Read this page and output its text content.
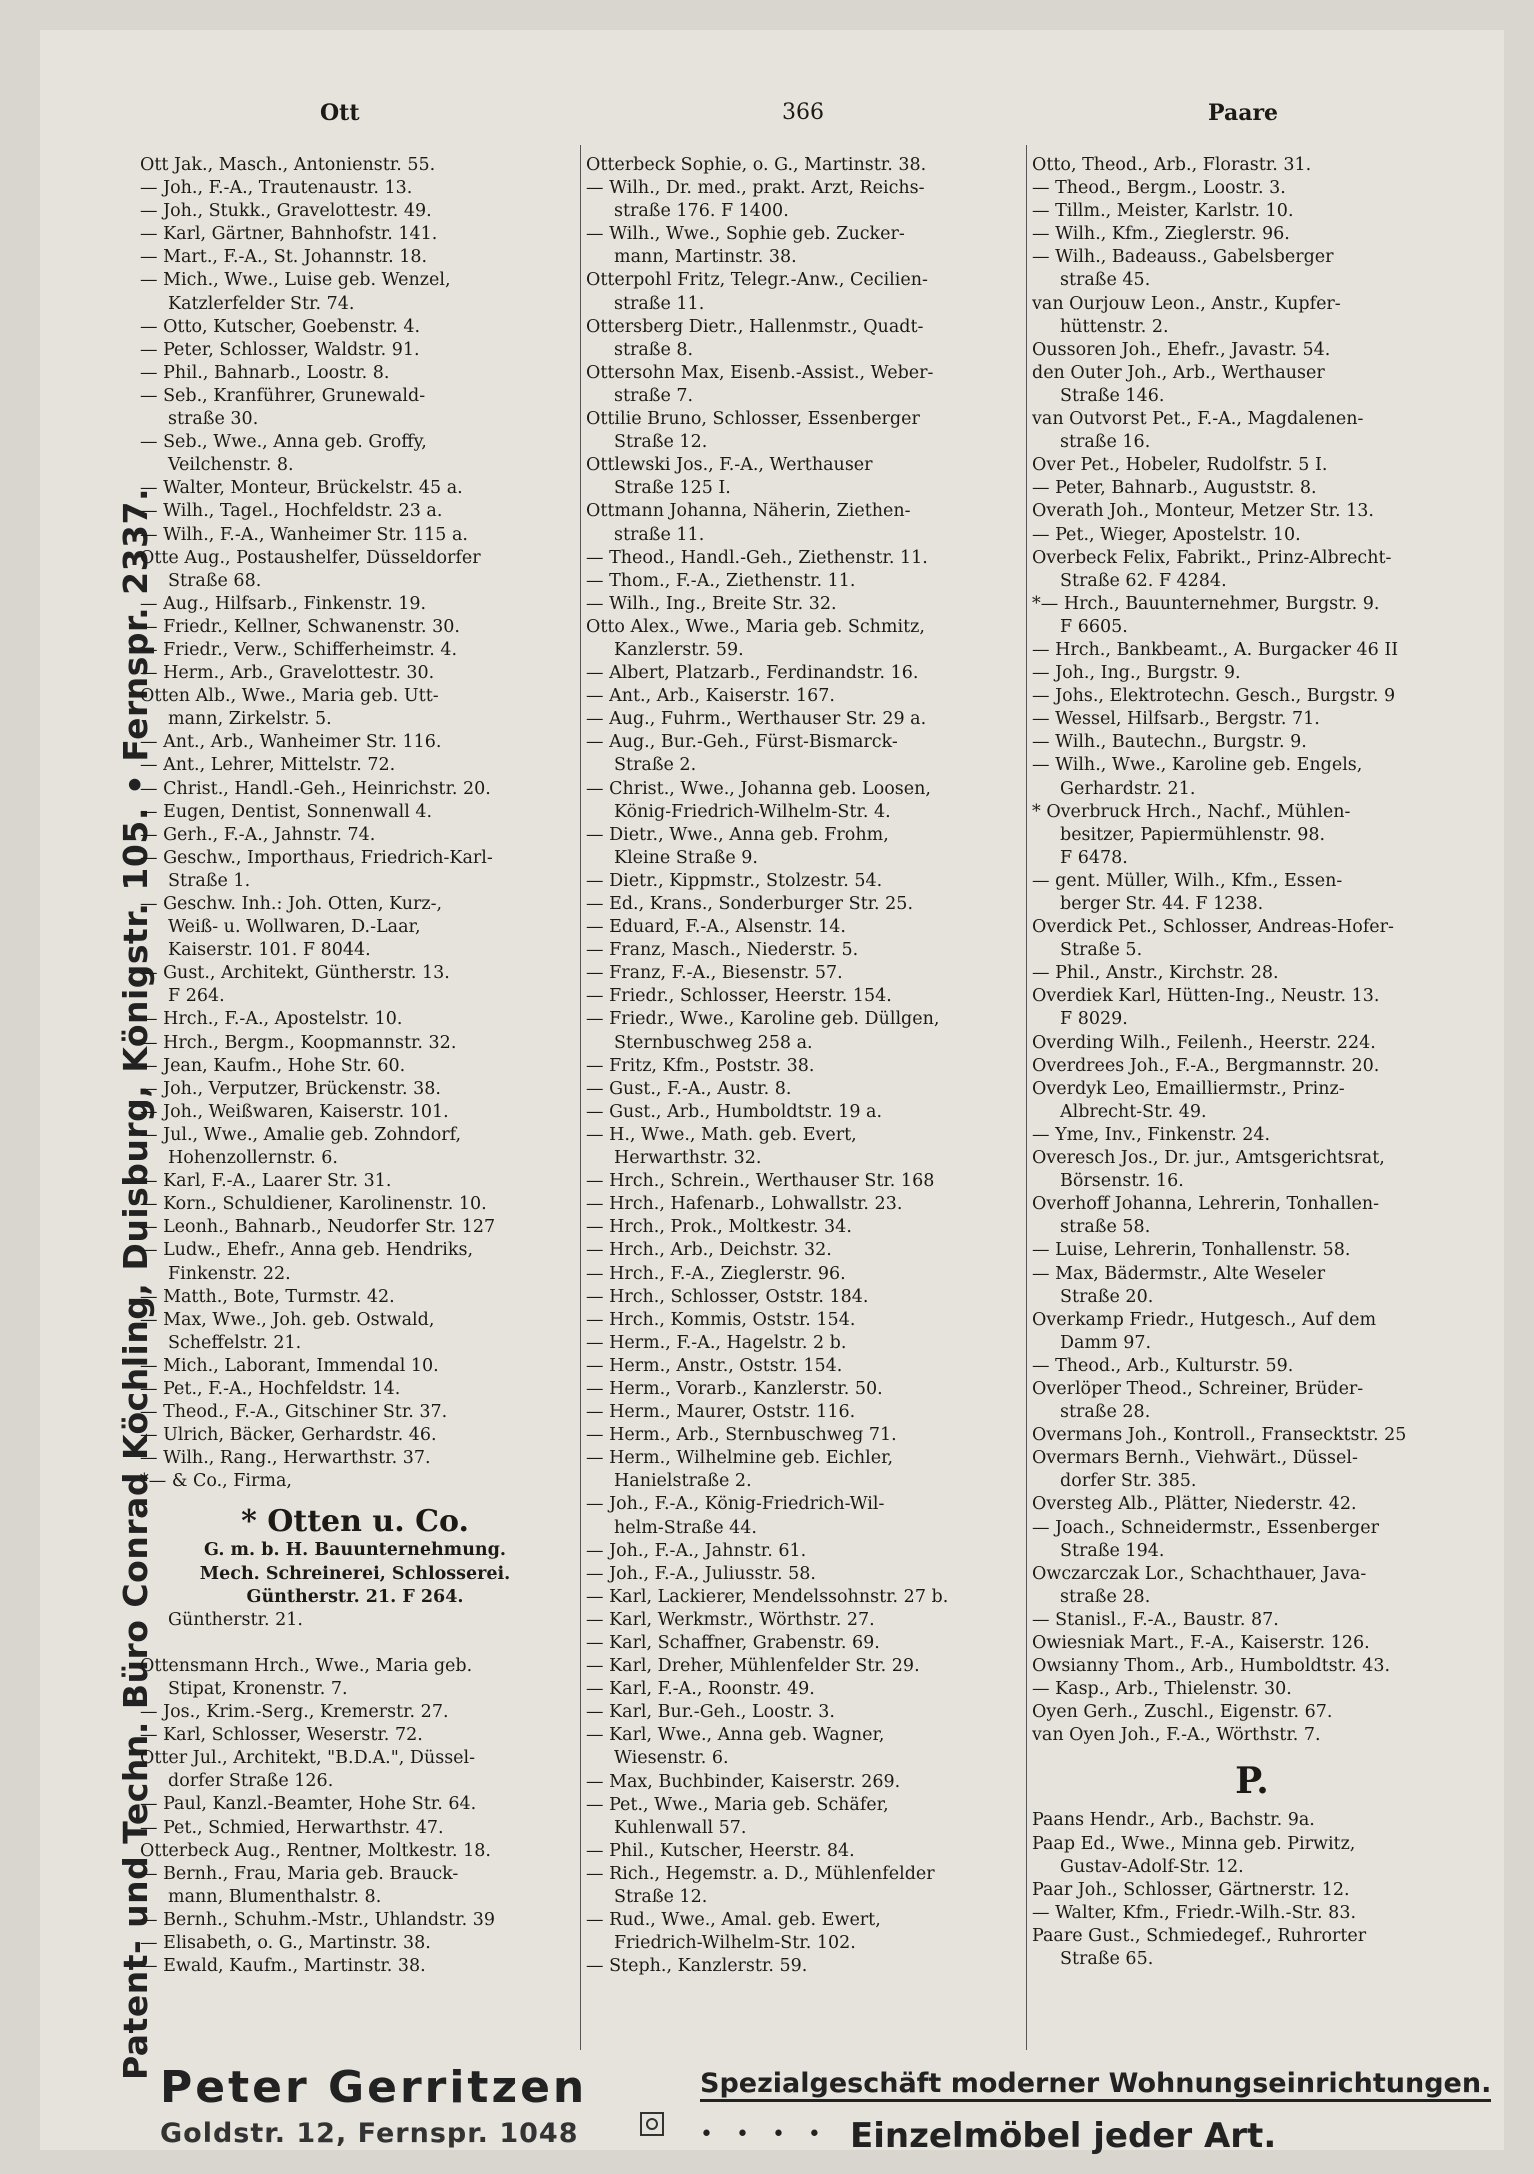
Patent- und Techn. Büro Conrad Köchling, Duisburg, Königstr. 105. • Fernspr. 2337.
Ott	366	Paare
Ott Jak., Masch., Antonienstr. 55.
— Joh., F.-A., Trautenaustr. 13.
— Joh., Stukk., Gravelottestr. 49.
— Karl, Gärtner, Bahnhofstr. 141.
— Mart., F.-A., St. Johannstr. 18.
— Mich., Wwe., Luise geb. Wenzel,
Katzlerfelder Str. 74.
— Otto, Kutscher, Goebenstr. 4.
— Peter, Schlosser, Waldstr. 91.
— Phil., Bahnarb., Loostr. 8.
— Seb., Kranführer, Grunewald-
straße 30.
— Seb., Wwe., Anna geb. Groffy,
Veilchenstr. 8.
— Walter, Monteur, Brückelstr. 45 a.
— Wilh., Tagel., Hochfeldstr. 23 a.
— Wilh., F.-A., Wanheimer Str. 115 a.
Otte Aug., Postaushelfer, Düsseldorfer
Straße 68.
— Aug., Hilfsarb., Finkenstr. 19.
— Friedr., Kellner, Schwanenstr. 30.
— Friedr., Verw., Schifferheimstr. 4.
— Herm., Arb., Gravelottestr. 30.
Otten Alb., Wwe., Maria geb. Utt-
mann, Zirkelstr. 5.
— Ant., Arb., Wanheimer Str. 116.
— Ant., Lehrer, Mittelstr. 72.
— Christ., Handl.-Geh., Heinrichstr. 20.
— Eugen, Dentist, Sonnenwall 4.
— Gerh., F.-A., Jahnstr. 74.
— Geschw., Importhaus, Friedrich-Karl-
Straße 1.
— Geschw. Inh.: Joh. Otten, Kurz-,
Weiß- u. Wollwaren, D.-Laar,
Kaiserstr. 101. F 8044.
— Gust., Architekt, Güntherstr. 13.
F 264.
— Hrch., F.-A., Apostelstr. 10.
— Hrch., Bergm., Koopmannstr. 32.
— Jean, Kaufm., Hohe Str. 60.
— Joh., Verputzer, Brückenstr. 38.
— Joh., Weißwaren, Kaiserstr. 101.
— Jul., Wwe., Amalie geb. Zohndorf,
Hohenzollernstr. 6.
— Karl, F.-A., Laarer Str. 31.
— Korn., Schuldiener, Karolinenstr. 10.
— Leonh., Bahnarb., Neudorfer Str. 127
— Ludw., Ehefr., Anna geb. Hendriks,
Finkenstr. 22.
— Matth., Bote, Turmstr. 42.
— Max, Wwe., Joh. geb. Ostwald,
Scheffelstr. 21.
— Mich., Laborant, Immendal 10.
— Pet., F.-A., Hochfeldstr. 14.
— Theod., F.-A., Gitschiner Str. 37.
— Ulrich, Bäcker, Gerhardstr. 46.
— Wilh., Rang., Herwarthstr. 37.
*— & Co., Firma,
* Otten u. Co.
G. m. b. H. Bauunternehmung.
Mech. Schreinerei, Schlosserei.
Güntherstr. 21. F 264.
Güntherstr. 21.

Ottensmann Hrch., Wwe., Maria geb.
Stipat, Kronenstr. 7.
— Jos., Krim.-Serg., Kremerstr. 27.
— Karl, Schlosser, Weserstr. 72.
Otter Jul., Architekt, "B.D.A.", Düssel-
dorfer Straße 126.
— Paul, Kanzl.-Beamter, Hohe Str. 64.
— Pet., Schmied, Herwarthstr. 47.
Otterbeck Aug., Rentner, Moltkestr. 18.
— Bernh., Frau, Maria geb. Brauck-
mann, Blumenthalstr. 8.
— Bernh., Schuhm.-Mstr., Uhlandstr. 39
— Elisabeth, o. G., Martinstr. 38.
— Ewald, Kaufm., Martinstr. 38.
Otterbeck Sophie, o. G., Martinstr. 38.
— Wilh., Dr. med., prakt. Arzt, Reichs-
straße 176. F 1400.
— Wilh., Wwe., Sophie geb. Zucker-
mann, Martinstr. 38.
Otterpohl Fritz, Telegr.-Anw., Cecilien-
straße 11.
Ottersberg Dietr., Hallenmstr., Quadt-
straße 8.
Ottersohn Max, Eisenb.-Assist., Weber-
straße 7.
Ottilie Bruno, Schlosser, Essenberger
Straße 12.
Ottlewski Jos., F.-A., Werthauser
Straße 125 I.
Ottmann Johanna, Näherin, Ziethen-
straße 11.
— Theod., Handl.-Geh., Ziethenstr. 11.
— Thom., F.-A., Ziethenstr. 11.
— Wilh., Ing., Breite Str. 32.
Otto Alex., Wwe., Maria geb. Schmitz,
Kanzlerstr. 59.
— Albert, Platzarb., Ferdinandstr. 16.
— Ant., Arb., Kaiserstr. 167.
— Aug., Fuhrm., Werthauser Str. 29 a.
— Aug., Bur.-Geh., Fürst-Bismarck-
Straße 2.
— Christ., Wwe., Johanna geb. Loosen,
König-Friedrich-Wilhelm-Str. 4.
— Dietr., Wwe., Anna geb. Frohm,
Kleine Straße 9.
— Dietr., Kippmstr., Stolzestr. 54.
— Ed., Krans., Sonderburger Str. 25.
— Eduard, F.-A., Alsenstr. 14.
— Franz, Masch., Niederstr. 5.
— Franz, F.-A., Biesenstr. 57.
— Friedr., Schlosser, Heerstr. 154.
— Friedr., Wwe., Karoline geb. Düllgen,
Sternbuschweg 258 a.
— Fritz, Kfm., Poststr. 38.
— Gust., F.-A., Austr. 8.
— Gust., Arb., Humboldtstr. 19 a.
— H., Wwe., Math. geb. Evert,
Herwarthstr. 32.
— Hrch., Schrein., Werthauser Str. 168
— Hrch., Hafenarb., Lohwallstr. 23.
— Hrch., Prok., Moltkestr. 34.
— Hrch., Arb., Deichstr. 32.
— Hrch., F.-A., Zieglerstr. 96.
— Hrch., Schlosser, Oststr. 184.
— Hrch., Kommis, Oststr. 154.
— Herm., F.-A., Hagelstr. 2 b.
— Herm., Anstr., Oststr. 154.
— Herm., Vorarb., Kanzlerstr. 50.
— Herm., Maurer, Oststr. 116.
— Herm., Arb., Sternbuschweg 71.
— Herm., Wilhelmine geb. Eichler,
Hanielstraße 2.
— Joh., F.-A., König-Friedrich-Wil-
helm-Straße 44.
— Joh., F.-A., Jahnstr. 61.
— Joh., F.-A., Juliusstr. 58.
— Karl, Lackierer, Mendelssohnstr. 27 b.
— Karl, Werkmstr., Wörthstr. 27.
— Karl, Schaffner, Grabenstr. 69.
— Karl, Dreher, Mühlenfelder Str. 29.
— Karl, F.-A., Roonstr. 49.
— Karl, Bur.-Geh., Loostr. 3.
— Karl, Wwe., Anna geb. Wagner,
Wiesenstr. 6.
— Max, Buchbinder, Kaiserstr. 269.
— Pet., Wwe., Maria geb. Schäfer,
Kuhlenwall 57.
— Phil., Kutscher, Heerstr. 84.
— Rich., Hegemstr. a. D., Mühlenfelder
Straße 12.
— Rud., Wwe., Amal. geb. Ewert,
Friedrich-Wilhelm-Str. 102.
— Steph., Kanzlerstr. 59.
Otto, Theod., Arb., Florastr. 31.
— Theod., Bergm., Loostr. 3.
— Tillm., Meister, Karlstr. 10.
— Wilh., Kfm., Zieglerstr. 96.
— Wilh., Badeauss., Gabelsberger
straße 45.
van Ourjouw Leon., Anstr., Kupfer-
hüttenstr. 2.
Oussoren Joh., Ehefr., Javastr. 54.
den Outer Joh., Arb., Werthauser
Straße 146.
van Outvorst Pet., F.-A., Magdalenen-
straße 16.
Over Pet., Hobeler, Rudolfstr. 5 I.
— Peter, Bahnarb., Auguststr. 8.
Overath Joh., Monteur, Metzer Str. 13.
— Pet., Wieger, Apostelstr. 10.
Overbeck Felix, Fabrikt., Prinz-Albrecht-
Straße 62. F 4284.
*— Hrch., Bauunternehmer, Burgstr. 9.
F 6605.
— Hrch., Bankbeamt., A. Burgacker 46 II
— Joh., Ing., Burgstr. 9.
— Johs., Elektrotechn. Gesch., Burgstr. 9
— Wessel, Hilfsarb., Bergstr. 71.
— Wilh., Bautechn., Burgstr. 9.
— Wilh., Wwe., Karoline geb. Engels,
Gerhardstr. 21.
* Overbruck Hrch., Nachf., Mühlen-
besitzer, Papiermühlenstr. 98.
F 6478.
— gent. Müller, Wilh., Kfm., Essen-
berger Str. 44. F 1238.
Overdick Pet., Schlosser, Andreas-Hofer-
Straße 5.
— Phil., Anstr., Kirchstr. 28.
Overdiek Karl, Hütten-Ing., Neustr. 13.
F 8029.
Overding Wilh., Feilenh., Heerstr. 224.
Overdrees Joh., F.-A., Bergmannstr. 20.
Overdyk Leo, Emailliermstr., Prinz-
Albrecht-Str. 49.
— Yme, Inv., Finkenstr. 24.
Overesch Jos., Dr. jur., Amtsgerichtsrat,
Börsenstr. 16.
Overhoff Johanna, Lehrerin, Tonhallen-
straße 58.
— Luise, Lehrerin, Tonhallenstr. 58.
— Max, Bädermstr., Alte Weseler
Straße 20.
Overkamp Friedr., Hutgesch., Auf dem
Damm 97.
— Theod., Arb., Kulturstr. 59.
Overlöper Theod., Schreiner, Brüder-
straße 28.
Overmans Joh., Kontroll., Fransecktstr. 25
Overmars Bernh., Viehwärt., Düssel-
dorfer Str. 385.
Oversteg Alb., Plätter, Niederstr. 42.
— Joach., Schneidermstr., Essenberger
Straße 194.
Owczarczak Lor., Schachthauer, Java-
straße 28.
— Stanisl., F.-A., Baustr. 87.
Owiesniak Mart., F.-A., Kaiserstr. 126.
Owsianny Thom., Arb., Humboldtstr. 43.
— Kasp., Arb., Thielenstr. 30.
Oyen Gerh., Zuschl., Eigenstr. 67.
van Oyen Joh., F.-A., Wörthstr. 7.
P.
Paans Hendr., Arb., Bachstr. 9a.
Paap Ed., Wwe., Minna geb. Pirwitz,
Gustav-Adolf-Str. 12.
Paar Joh., Schlosser, Gärtnerstr. 12.
— Walter, Kfm., Friedr.-Wilh.-Str. 83.
Paare Gust., Schmiedegef., Ruhrorter
Straße 65.
Peter Gerritzen
Goldstr. 12, Fernspr. 1048
Spezialgeschäft moderner Wohnungseinrichtungen.
• • • • Einzelmöbel jeder Art.
